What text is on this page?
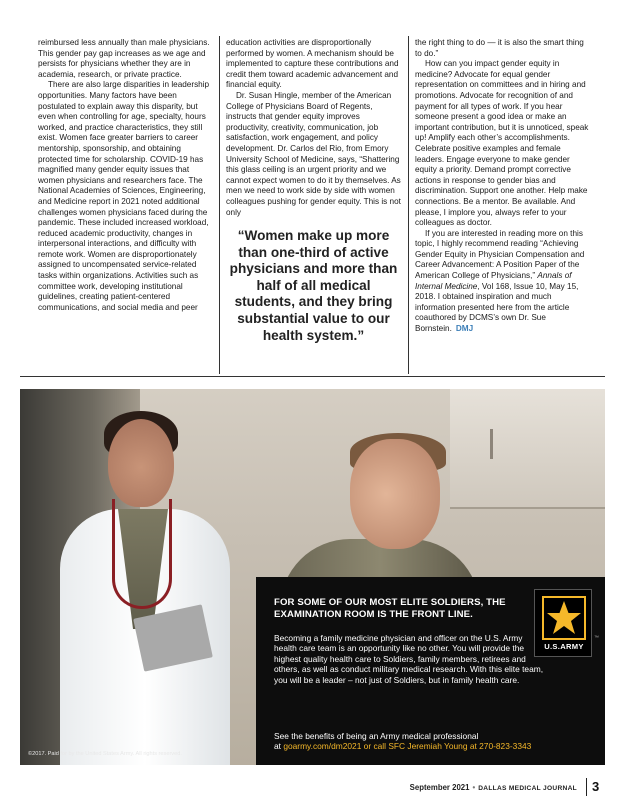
reimbursed less annually than male physicians. This gender pay gap increases as we age and persists for physicians whether they are in academia, research, or private practice.

There are also large disparities in leadership opportunities. Many factors have been postulated to explain away this disparity, but even when controlling for age, specialty, hours worked, and practice characteristics, they still exist. Women face greater barriers to career mentorship, sponsorship, and obtaining protected time for scholarship. COVID-19 has magnified many gender equity issues that women physicians and researchers face. The National Academies of Sciences, Engineering, and Medicine report in 2021 noted additional challenges women physicians faced during the pandemic. These included increased workload, reduced academic productivity, changes in interpersonal interactions, and difficulty with remote work. Women are disproportionately assigned to uncompensated service-related tasks within organizations. Activities such as committee work, developing institutional guidelines, creating patient-centered communications, and social media and peer

education activities are disproportionally performed by women. A mechanism should be implemented to capture these contributions and credit them toward academic advancement and financial equity.

Dr. Susan Hingle, member of the American College of Physicians Board of Regents, instructs that gender equity improves productivity, creativity, communication, job satisfaction, work engagement, and policy development. Dr. Carlos del Rio, from Emory University School of Medicine, says, “Shattering this glass ceiling is an urgent priority and we cannot expect women to do it by themselves. As men we need to work side by side with women colleagues pushing for gender equity. This is not only

“Women make up more than one-third of active physicians and more than half of all medical students, and they bring substantial value to our health system.”

the right thing to do — it is also the smart thing to do.”

How can you impact gender equity in medicine? Advocate for equal gender representation on committees and in hiring and promotions. Advocate for recognition of and payment for all types of work. If you hear someone present a good idea or make an important contribution, but it is unnoticed, speak up! Amplify each other’s accomplishments. Celebrate positive examples and female leaders. Engage everyone to make gender equity a priority. Demand prompt corrective actions in response to gender bias and discrimination. Support one another. Help make connections. Be a mentor. Be available. And please, I implore you, always refer to your colleagues as doctor.

If you are interested in reading more on this topic, I highly recommend reading “Achieving Gender Equity in Physician Compensation and Career Advancement: A Position Paper of the American College of Physicians,” Annals of Internal Medicine, Vol 168, Issue 10, May 15, 2018. I obtained inspiration and much information presented here from the article coauthored by DCMS’s own Dr. Sue Bornstein. DMJ

FOR SOME OF OUR MOST ELITE SOLDIERS, THE EXAMINATION ROOM IS THE FRONT LINE.
Becoming a family medicine physician and officer on the U.S. Army health care team is an opportunity like no other. You will provide the highest quality health care to Soldiers, family members, retirees and others, as well as conduct military medical research. With this elite team, you will be a leader – not just of Soldiers, but in family health care.
See the benefits of being an Army medical professional
at goarmy.com/dm2021 or call SFC Jeremiah Young at 270-823-3343
U.S.ARMY
™
©2017. Paid for by the United States Army. All rights reserved.
September 2021 • DALLAS MEDICAL JOURNAL 3
